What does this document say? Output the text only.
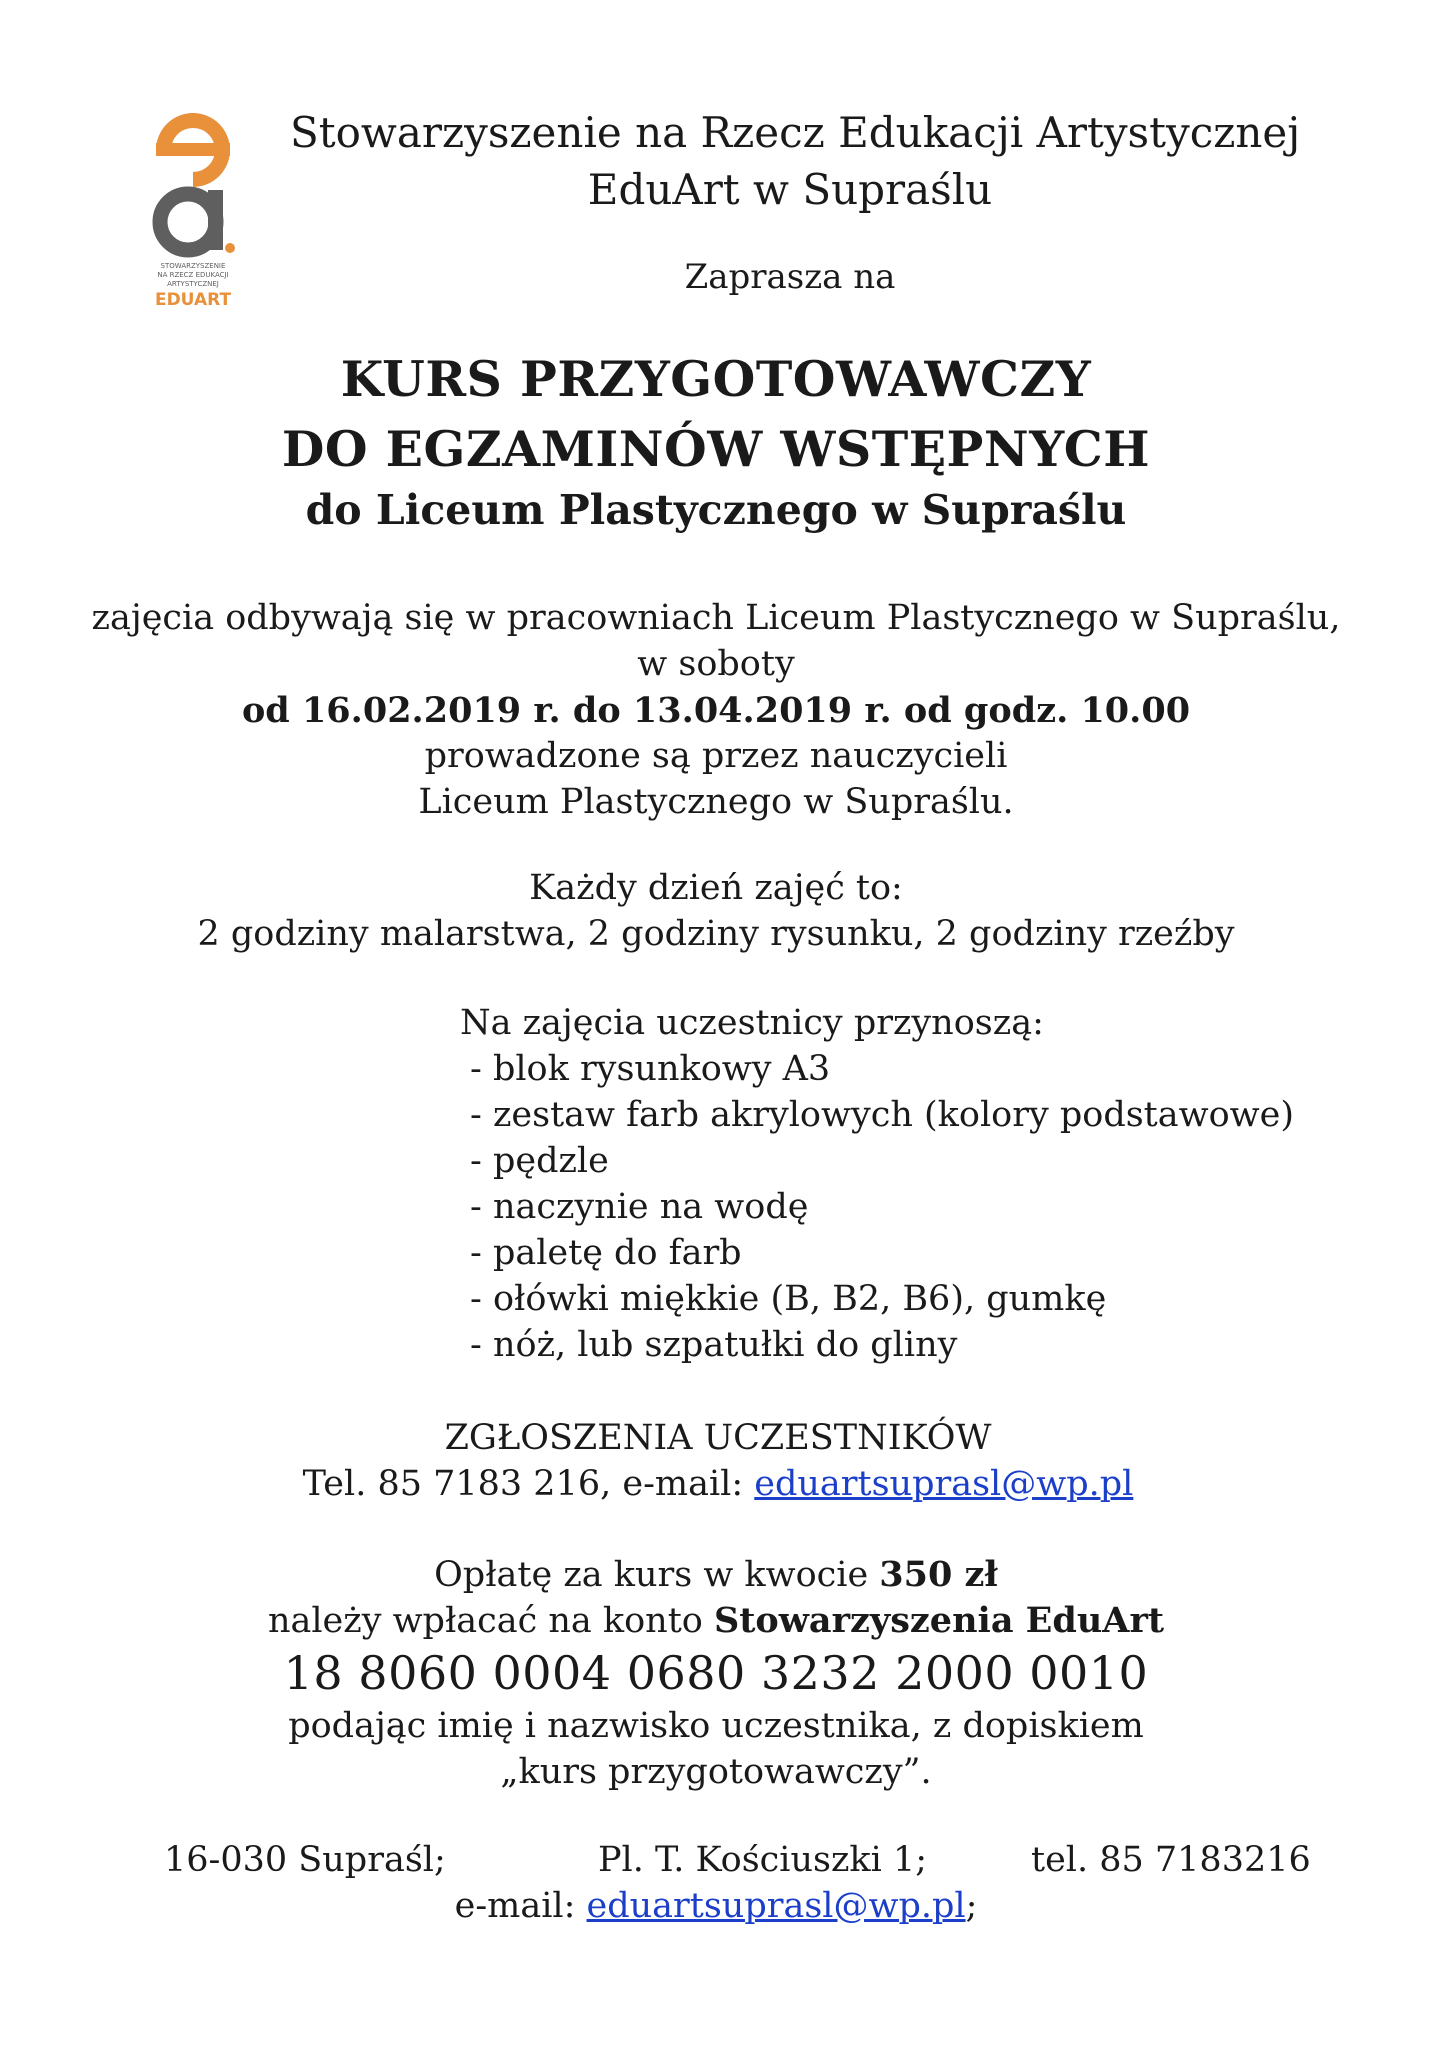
STOWARZYSZENIE
NA RZECZ EDUKACJI
ARTYSTYCZNEJ
EDUART
Stowarzyszenie na Rzecz Edukacji Artystycznej
EduArt w Supraślu
Zaprasza na
KURS PRZYGOTOWAWCZY
DO EGZAMINÓW WSTĘPNYCH
do Liceum Plastycznego w Supraślu
zajęcia odbywają się w pracowniach Liceum Plastycznego w Supraślu,
w soboty
od 16.02.2019 r. do 13.04.2019 r. od godz. 10.00
prowadzone są przez nauczycieli
Liceum Plastycznego w Supraślu.
Każdy dzień zajęć to:
2 godziny malarstwa, 2 godziny rysunku, 2 godziny rzeźby
Na zajęcia uczestnicy przynoszą:
- blok rysunkowy A3
- zestaw farb akrylowych (kolory podstawowe)
- pędzle
- naczynie na wodę
- paletę do farb
- ołówki miękkie (B, B2, B6), gumkę
- nóż, lub szpatułki do gliny
ZGŁOSZENIA UCZESTNIKÓW
Tel. 85 7183 216, e-mail: eduartsuprasl@wp.pl
Opłatę za kurs w kwocie 350 zł
należy wpłacać na konto Stowarzyszenia EduArt
18 8060 0004 0680 3232 2000 0010
podając imię i nazwisko uczestnika, z dopiskiem
„kurs przygotowawczy”.
16-030 Supraśl;	Pl. T. Kościuszki 1;	tel. 85 7183216
e-mail: eduartsuprasl@wp.pl;
